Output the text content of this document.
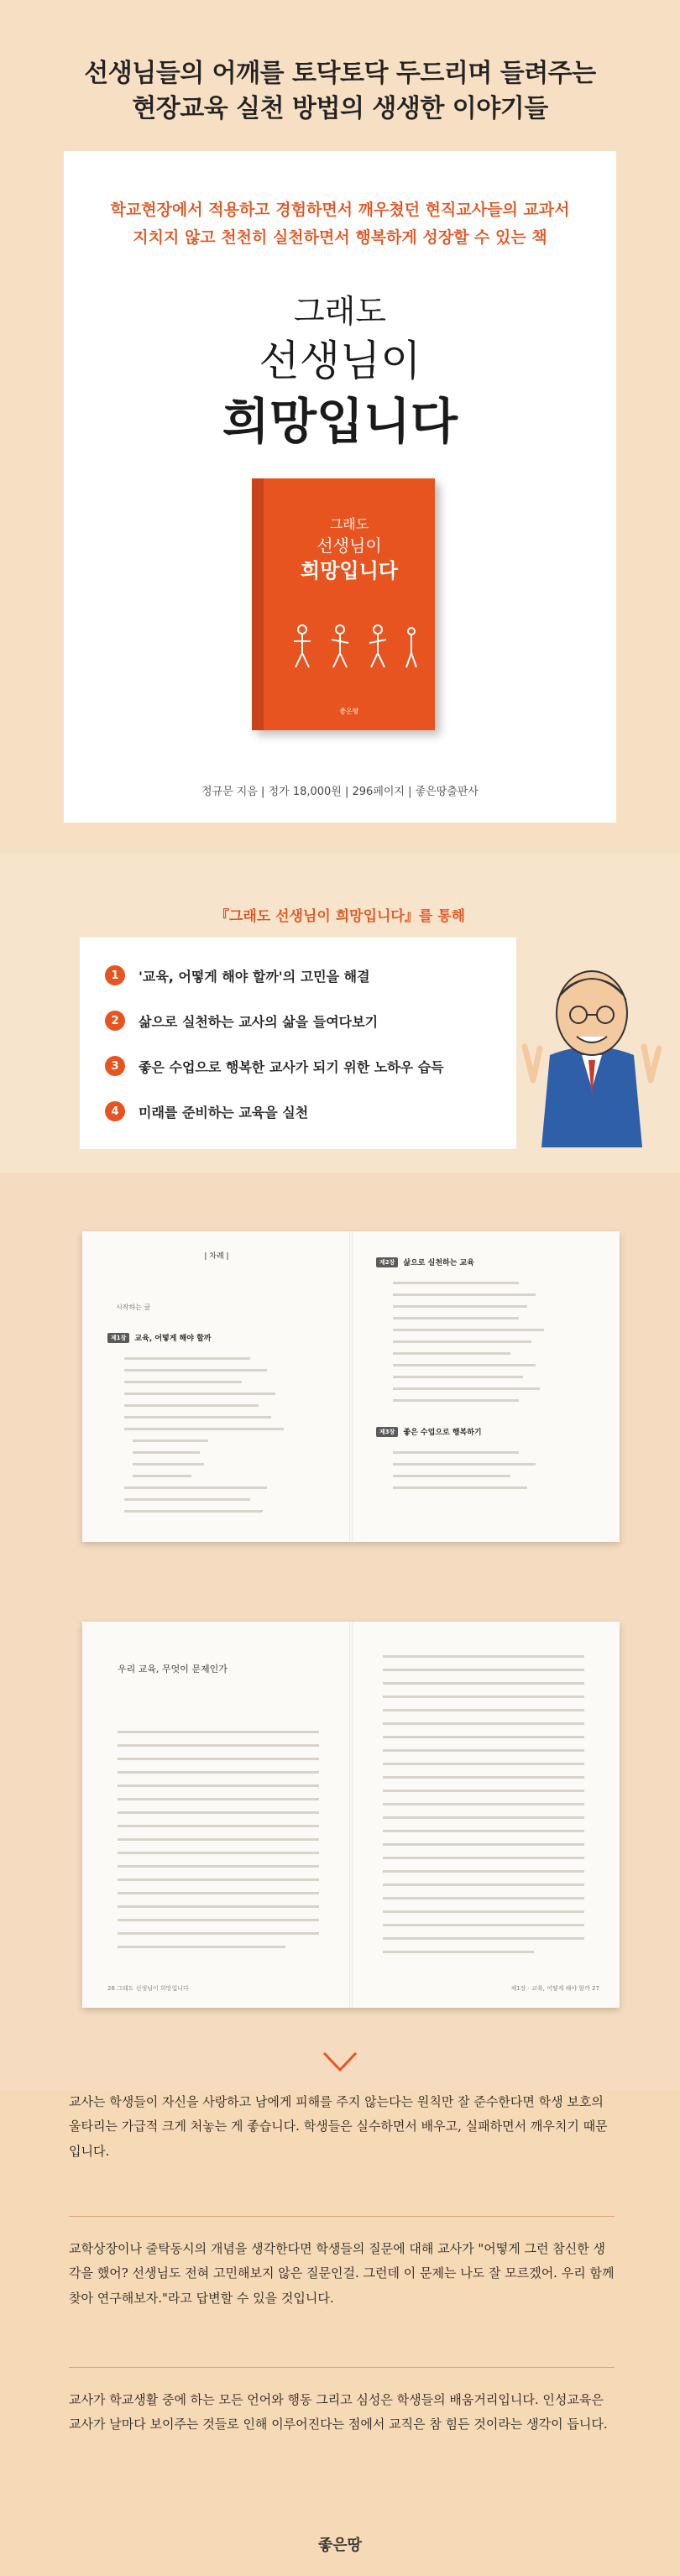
선생님들의 어깨를 토닥토닥 두드리며 들려주는
현장교육 실천 방법의 생생한 이야기들
학교현장에서 적용하고 경험하면서 깨우쳤던 현직교사들의 교과서
지치지 않고 천천히 실천하면서 행복하게 성장할 수 있는 책
그래도
선생님이
희망입니다
그래도
선생님이
희망입니다
좋은땅
정규문 지음 | 정가 18,000원 | 296페이지 | 좋은땅출판사
『그래도 선생님이 희망입니다』를 통해
1	'교육, 어떻게 해야 할까'의 고민을 해결
2	삶으로 실천하는 교사의 삶을 들여다보기
3	좋은 수업으로 행복한 교사가 되기 위한 노하우 습득
4	미래를 준비하는 교육을 실천
| 차례 |
시작하는 글
제1장	교육, 어떻게 해야 할까
제2장	삶으로 실천하는 교육
제3장	좋은 수업으로 행복하기
우리 교육, 무엇이 문제인가
26 그래도 선생님이 희망입니다	제1장 · 교육, 어떻게 해야 할까 27
교사는 학생들이 자신을 사랑하고 남에게 피해를 주지 않는다는 원칙만 잘 준수한다면 학생 보호의 울타리는 가급적 크게 처놓는 게 좋습니다. 학생들은 실수하면서 배우고, 실패하면서 깨우치기 때문입니다.
교학상장이나 줄탁동시의 개념을 생각한다면 학생들의 질문에 대해 교사가 "어떻게 그런 참신한 생각을 했어? 선생님도 전혀 고민해보지 않은 질문인걸. 그런데 이 문제는 나도 잘 모르겠어. 우리 함께 찾아 연구해보자."라고 답변할 수 있을 것입니다.
교사가 학교생활 중에 하는 모든 언어와 행동 그리고 심성은 학생들의 배움거리입니다. 인성교육은 교사가 날마다 보이주는 것들로 인해 이루어진다는 점에서 교직은 참 힘든 것이라는 생각이 듭니다.
좋은땅
